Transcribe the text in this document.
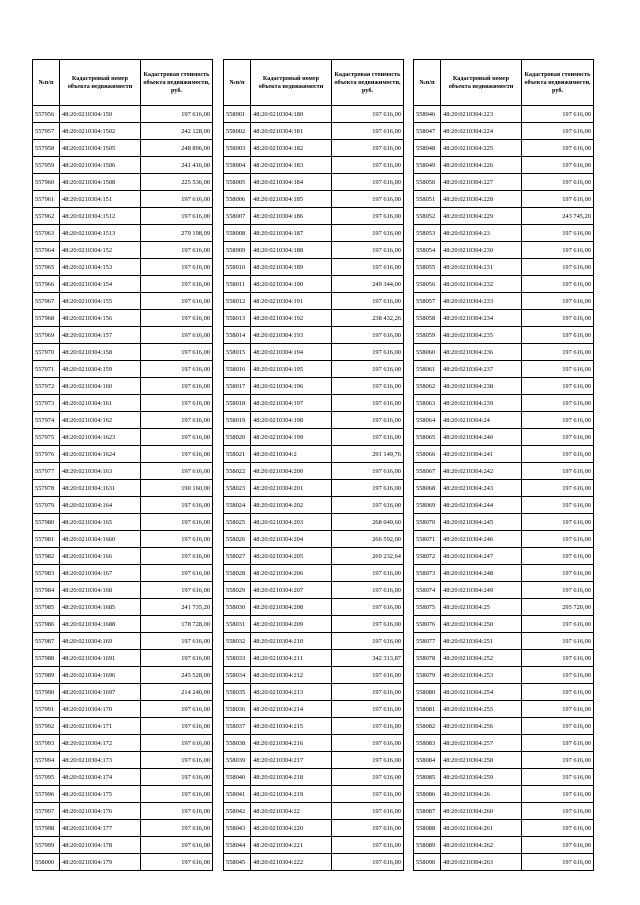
№п/п	Кадастровый номер объекта недвижимости	Кадастровая стоимость объекта недвижимости, руб.
557956	48:20:0210304:150	197 616,00
557957	48:20:0210304:1502	242 128,00
557958	48:20:0210304:1505	248 896,00
557959	48:20:0210304:1506	241 416,00
557960	48:20:0210304:1508	225 536,00
557961	48:20:0210304:151	197 616,00
557962	48:20:0210304:1512	197 616,00
557963	48:20:0210304:1513	279 198,09
557964	48:20:0210304:152	197 616,00
557965	48:20:0210304:153	197 616,00
557966	48:20:0210304:154	197 616,00
557967	48:20:0210304:155	197 616,00
557968	48:20:0210304:156	197 616,00
557969	48:20:0210304:157	197 616,00
557970	48:20:0210304:158	197 616,00
557971	48:20:0210304:159	197 616,00
557972	48:20:0210304:160	197 616,00
557973	48:20:0210304:161	197 616,00
557974	48:20:0210304:162	197 616,00
557975	48:20:0210304:1623	197 616,00
557976	48:20:0210304:1624	197 616,00
557977	48:20:0210304:163	197 616,00
557978	48:20:0210304:1631	190 160,00
557979	48:20:0210304:164	197 616,00
557980	48:20:0210304:165	197 616,00
557981	48:20:0210304:1660	197 616,00
557982	48:20:0210304:166	197 616,00
557983	48:20:0210304:167	197 616,00
557984	48:20:0210304:168	197 616,00
557985	48:20:0210304:1685	241 735,20
557986	48:20:0210304:1688	178 728,00
557987	48:20:0210304:169	197 616,00
557988	48:20:0210304:1691	197 616,00
557989	48:20:0210304:1696	245 528,00
557990	48:20:0210304:1697	214 240,00
557991	48:20:0210304:170	197 616,00
557992	48:20:0210304:171	197 616,00
557993	48:20:0210304:172	197 616,00
557994	48:20:0210304:173	197 616,00
557995	48:20:0210304:174	197 616,00
557996	48:20:0210304:175	197 616,00
557997	48:20:0210304:176	197 616,00
557998	48:20:0210304:177	197 616,00
557999	48:20:0210304:178	197 616,00
558000	48:20:0210304:179	197 616,00
№п/п	Кадастровый номер объекта недвижимости	Кадастровая стоимость объекта недвижимости, руб.
558001	48:20:0210304:180	197 616,00
558002	48:20:0210304:181	197 616,00
558003	48:20:0210304:182	197 616,00
558004	48:20:0210304:183	197 616,00
558005	48:20:0210304:184	197 616,00
558006	48:20:0210304:185	197 616,00
558007	48:20:0210304:186	197 616,00
558008	48:20:0210304:187	197 616,00
558009	48:20:0210304:188	197 616,00
558010	48:20:0210304:189	197 616,00
558011	48:20:0210304:190	249 344,00
558012	48:20:0210304:191	197 616,00
558013	48:20:0210304:192	238 432,26
558014	48:20:0210304:193	197 616,00
558015	48:20:0210304:194	197 616,00
558016	48:20:0210304:195	197 616,00
558017	48:20:0210304:196	197 616,00
558018	48:20:0210304:197	197 616,00
558019	48:20:0210304:198	197 616,00
558020	48:20:0210304:199	197 616,00
558021	48:20:0210304:2	291 149,76
558022	48:20:0210304:200	197 616,00
558023	48:20:0210304:201	197 616,00
558024	48:20:0210304:202	197 616,00
558025	48:20:0210304:203	268 049,60
558026	48:20:0210304:204	266 592,00
558027	48:20:0210304:205	269 232,64
558028	48:20:0210304:206	197 616,00
558029	48:20:0210304:207	197 616,00
558030	48:20:0210304:208	197 616,00
558031	48:20:0210304:209	197 616,00
558032	48:20:0210304:210	197 616,00
558033	48:20:0210304:211	342 313,87
558034	48:20:0210304:212	197 616,00
558035	48:20:0210304:213	197 616,00
558036	48:20:0210304:214	197 616,00
558037	48:20:0210304:215	197 616,00
558038	48:20:0210304:216	197 616,00
558039	48:20:0210304:217	197 616,00
558040	48:20:0210304:218	197 616,00
558041	48:20:0210304:219	197 616,00
558042	48:20:0210304:22	197 616,00
558043	48:20:0210304:220	197 616,00
558044	48:20:0210304:221	197 616,00
558045	48:20:0210304:222	197 616,00
№п/п	Кадастровый номер объекта недвижимости	Кадастровая стоимость объекта недвижимости, руб.
558046	48:20:0210304:223	197 616,00
558047	48:20:0210304:224	197 616,00
558048	48:20:0210304:225	197 616,00
558049	48:20:0210304:226	197 616,00
558050	48:20:0210304:227	197 616,00
558051	48:20:0210304:228	197 616,00
558052	48:20:0210304:229	243 745,20
558053	48:20:0210304:23	197 616,00
558054	48:20:0210304:230	197 616,00
558055	48:20:0210304:231	197 616,00
558056	48:20:0210304:232	197 616,00
558057	48:20:0210304:233	197 616,00
558058	48:20:0210304:234	197 616,00
558059	48:20:0210304:235	197 616,00
558060	48:20:0210304:236	197 616,00
558061	48:20:0210304:237	197 616,00
558062	48:20:0210304:238	197 616,00
558063	48:20:0210304:239	197 616,00
558064	48:20:0210304:24	197 616,00
558065	48:20:0210304:240	197 616,00
558066	48:20:0210304:241	197 616,00
558067	48:20:0210304:242	197 616,00
558068	48:20:0210304:243	197 616,00
558069	48:20:0210304:244	197 616,00
558070	48:20:0210304:245	197 616,00
558071	48:20:0210304:246	197 616,00
558072	48:20:0210304:247	197 616,00
558073	48:20:0210304:248	197 616,00
558074	48:20:0210304:249	197 616,00
558075	48:20:0210304:25	295 720,00
558076	48:20:0210304:250	197 616,00
558077	48:20:0210304:251	197 616,00
558078	48:20:0210304:252	197 616,00
558079	48:20:0210304:253	197 616,00
558080	48:20:0210304:254	197 616,00
558081	48:20:0210304:255	197 616,00
558082	48:20:0210304:256	197 616,00
558083	48:20:0210304:257	197 616,00
558084	48:20:0210304:258	197 616,00
558085	48:20:0210304:259	197 616,00
558086	48:20:0210304:26	197 616,00
558087	48:20:0210304:260	197 616,00
558088	48:20:0210304:261	197 616,00
558089	48:20:0210304:262	197 616,00
558090	48:20:0210304:263	197 616,00
